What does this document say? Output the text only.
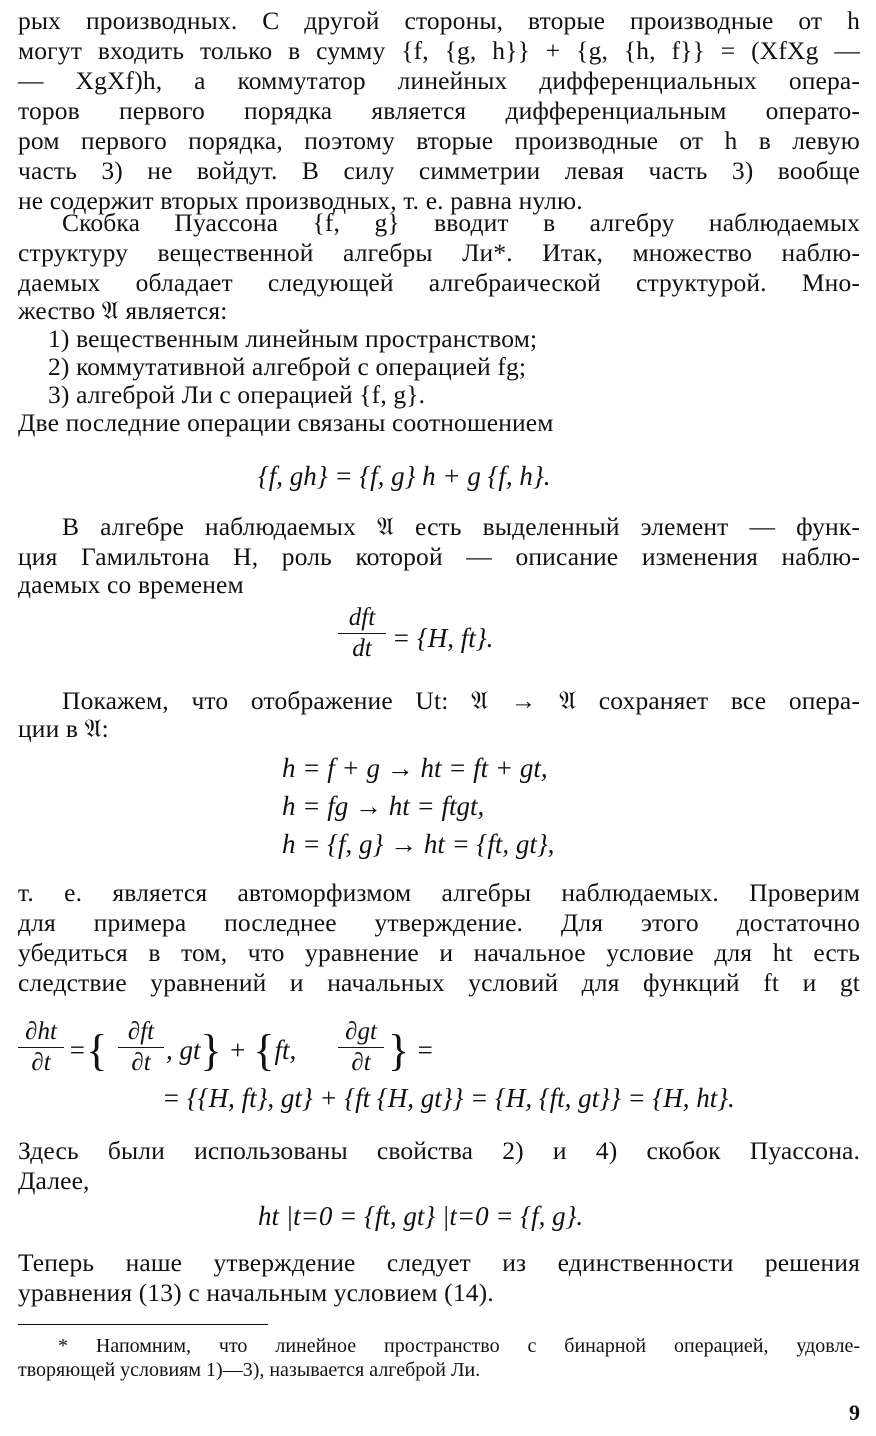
рых производных. С другой стороны, вторые производные от h
могут входить только в сумму {f, {g, h}} + {g, {h, f}} = (XfXg —
— XgXf)h, а коммутатор линейных дифференциальных опера-
торов первого порядка является дифференциальным операто-
ром первого порядка, поэтому вторые производные от h в левую
часть 3) не войдут. В силу симметрии левая часть 3) вообще
не содержит вторых производных, т. е. равна нулю.
Скобка Пуассона {f, g} вводит в алгебру наблюдаемых
структуру вещественной алгебры Ли*. Итак, множество наблю-
даемых обладает следующей алгебраической структурой. Мно-
жество 𝔄 является:
1) вещественным линейным пространством;
2) коммутативной алгеброй с операцией fg;
3) алгеброй Ли с операцией {f, g}.
Две последние операции связаны соотношением
{f, gh} = {f, g} h + g {f, h}.
В алгебре наблюдаемых 𝔄 есть выделенный элемент — функ-
ция Гамильтона H, роль которой — описание изменения наблю-
даемых со временем
dft
dt = {H, ft}.
Покажем, что отображение Ut: 𝔄 → 𝔄 сохраняет все опера-
ции в 𝔄:
h = f + g → ht = ft + gt,
h = fg → ht = ftgt,
h = {f, g} → ht = {ft, gt},
т. е. является автоморфизмом алгебры наблюдаемых. Проверим
для примера последнее утверждение. Для этого достаточно
убедиться в том, что уравнение и начальное условие для ht есть
следствие уравнений и начальных условий для функций ft и gt
∂ht
∂t ={ ∂ft
∂t , gt} + {ft,
∂gt
∂t } =
= {{H, ft}, gt} + {ft {H, gt}} = {H, {ft, gt}} = {H, ht}.
Здесь были использованы свойства 2) и 4) скобок Пуассона.
Далее,
ht |t=0 = {ft, gt} |t=0 = {f, g}.
Теперь наше утверждение следует из единственности решения
уравнения (13) с начальным условием (14).
* Напомним, что линейное пространство с бинарной операцией, удовле-
творяющей условиям 1)—3), называется алгеброй Ли.
9
